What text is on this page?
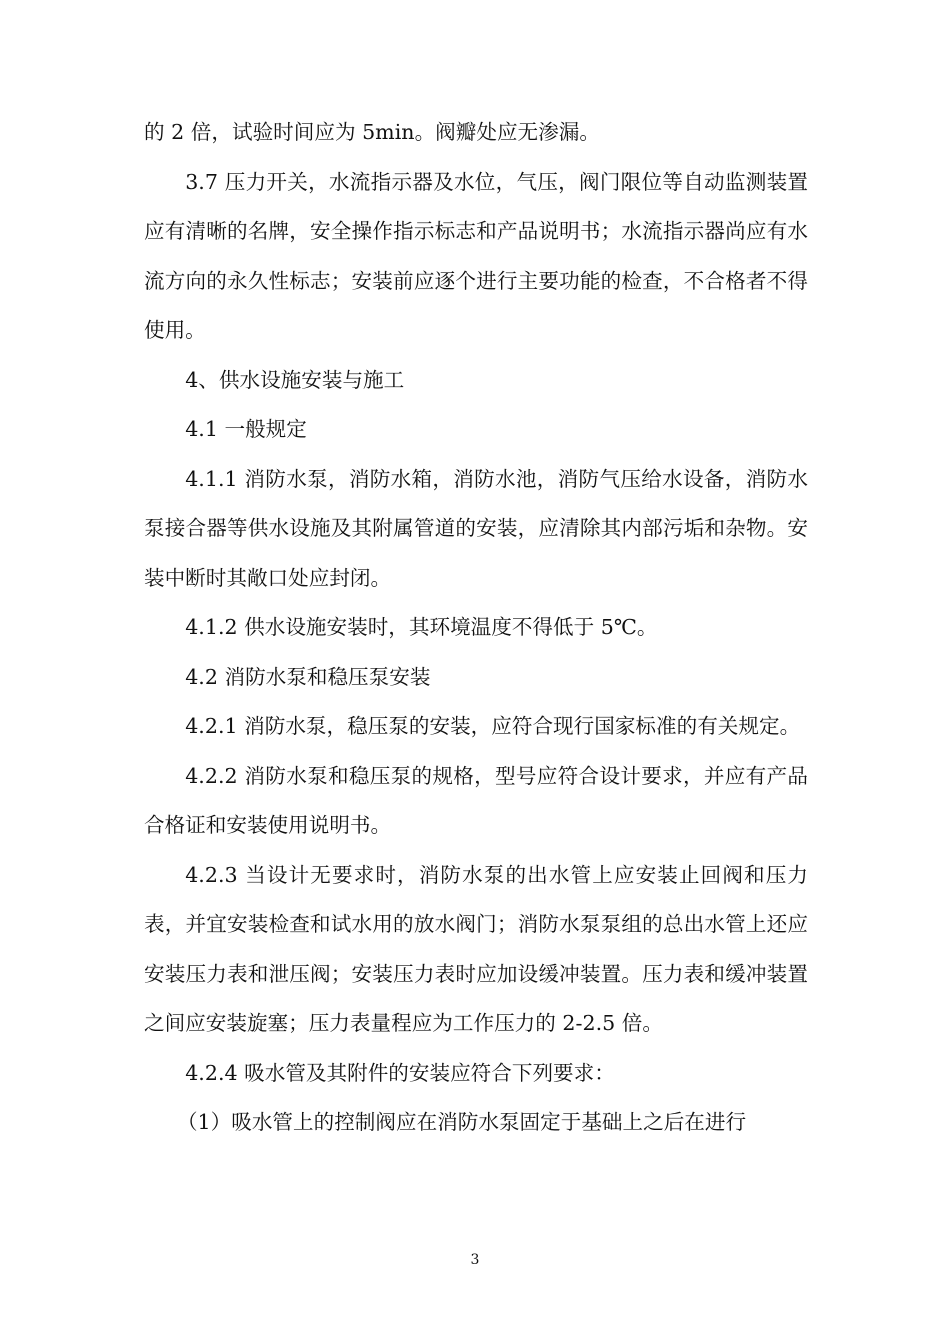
的 2 倍，试验时间应为 5min。阀瓣处应无渗漏。

3.7 压力开关，水流指示器及水位，气压，阀门限位等自动监测装置应有清晰的名牌，安全操作指示标志和产品说明书；水流指示器尚应有水流方向的永久性标志；安装前应逐个进行主要功能的检查，不合格者不得使用。

4、供水设施安装与施工

4.1 一般规定

4.1.1 消防水泵，消防水箱，消防水池，消防气压给水设备，消防水泵接合器等供水设施及其附属管道的安装，应清除其内部污垢和杂物。安装中断时其敞口处应封闭。

4.1.2 供水设施安装时，其环境温度不得低于 5℃。

4.2 消防水泵和稳压泵安装

4.2.1 消防水泵，稳压泵的安装，应符合现行国家标准的有关规定。

4.2.2 消防水泵和稳压泵的规格，型号应符合设计要求，并应有产品合格证和安装使用说明书。

4.2.3 当设计无要求时，消防水泵的出水管上应安装止回阀和压力表，并宜安装检查和试水用的放水阀门；消防水泵泵组的总出水管上还应安装压力表和泄压阀；安装压力表时应加设缓冲装置。压力表和缓冲装置之间应安装旋塞；压力表量程应为工作压力的 2-2.5 倍。

4.2.4 吸水管及其附件的安装应符合下列要求：

（1）吸水管上的控制阀应在消防水泵固定于基础上之后在进行

3
